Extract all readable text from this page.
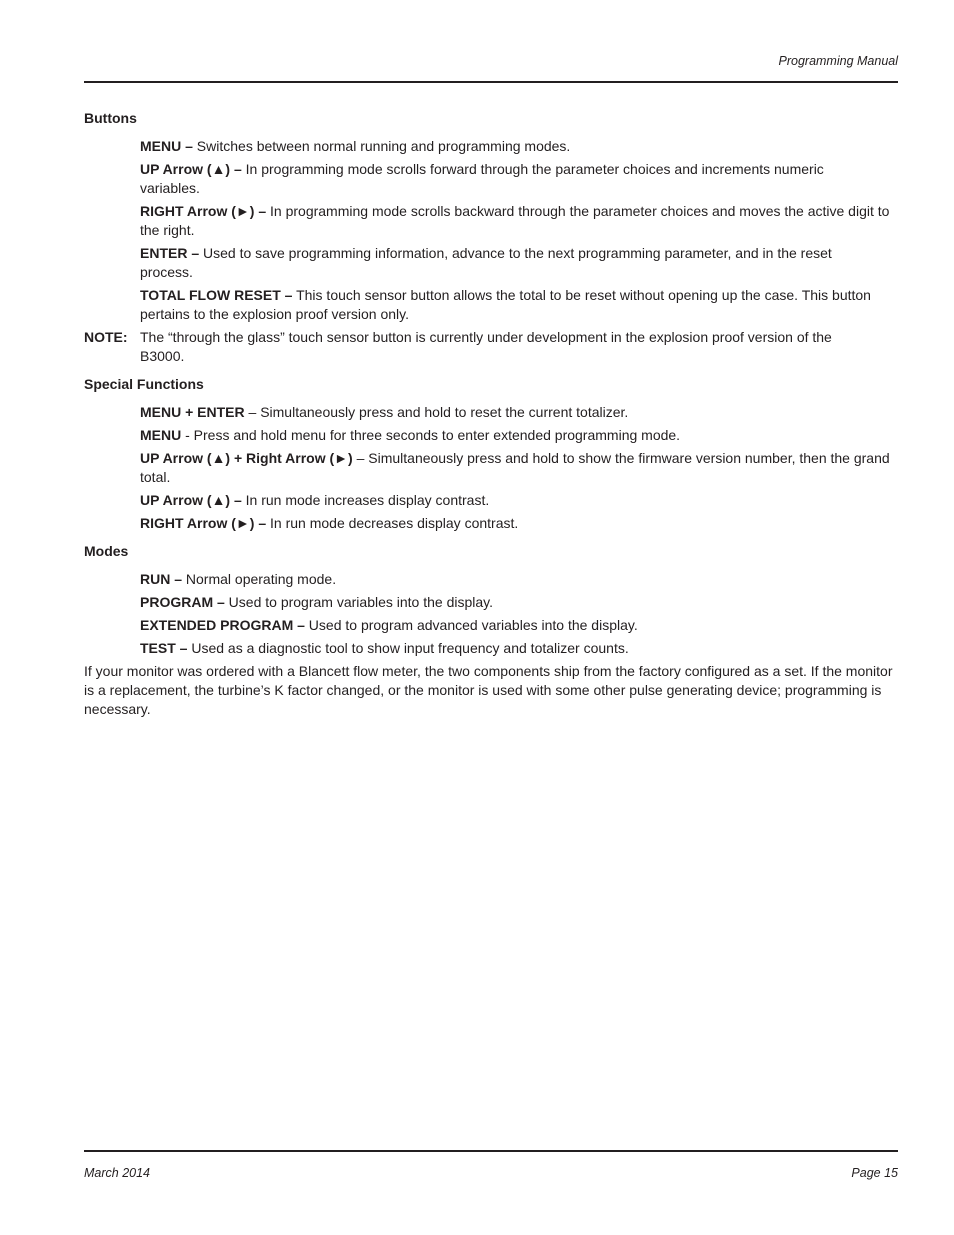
Programming Manual
Buttons
MENU – Switches between normal running and programming modes.
UP Arrow (▲) – In programming mode scrolls forward through the parameter choices and increments numeric variables.
RIGHT Arrow (►) – In programming mode scrolls backward through the parameter choices and moves the active digit to the right.
ENTER – Used to save programming information, advance to the next programming parameter, and in the reset process.
TOTAL FLOW RESET – This touch sensor button allows the total to be reset without opening up the case. This button pertains to the explosion proof version only.
NOTE: The “through the glass” touch sensor button is currently under development in the explosion proof version of the B3000.
Special Functions
MENU + ENTER – Simultaneously press and hold to reset the current totalizer.
MENU - Press and hold menu for three seconds to enter extended programming mode.
UP Arrow (▲) + Right Arrow (►) – Simultaneously press and hold to show the firmware version number, then the grand total.
UP Arrow (▲) – In run mode increases display contrast.
RIGHT Arrow (►) – In run mode decreases display contrast.
Modes
RUN – Normal operating mode.
PROGRAM – Used to program variables into the display.
EXTENDED PROGRAM – Used to program advanced variables into the display.
TEST – Used as a diagnostic tool to show input frequency and totalizer counts.

If your monitor was ordered with a Blancett flow meter, the two components ship from the factory configured as a set. If the monitor is a replacement, the turbine’s K factor changed, or the monitor is used with some other pulse generating device; programming is necessary.

March 2014	Page 15
